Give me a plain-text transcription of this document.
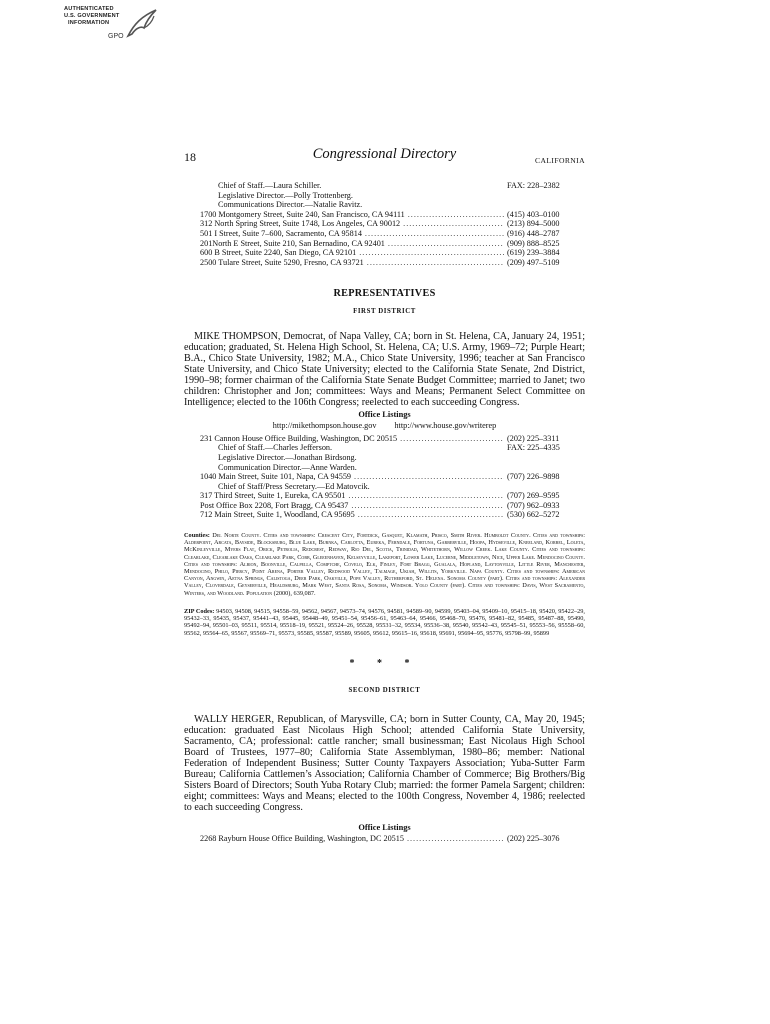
AUTHENTICATED
U.S. GOVERNMENT
INFORMATION
GPO
18	Congressional Directory	CALIFORNIA
Chief of Staff.—Laura Schiller.	FAX: 228–2382
Legislative Director.—Polly Trottenberg.
Communications Director.—Natalie Ravitz.
1700 Montgomery Street, Suite 240, San Francisco, CA 94111 .....	(415) 403–0100
312 North Spring Street, Suite 1748, Los Angeles, CA 90012 .....	(213) 894–5000
501 I Street, Suite 7–600, Sacramento, CA 95814 .....	(916) 448–2787
201North E Street, Suite 210, San Bernadino, CA 92401 .....	(909) 888–8525
600 B Street, Suite 2240, San Diego, CA 92101 .....	(619) 239–3884
2500 Tulare Street, Suite 5290, Fresno, CA 93721 .....	(209) 497–5109
REPRESENTATIVES
FIRST DISTRICT

MIKE THOMPSON, Democrat, of Napa Valley, CA; born in St. Helena, CA, January 24, 1951; education; graduated, St. Helena High School, St. Helena, CA; U.S. Army, 1969–72; Purple Heart; B.A., Chico State University, 1982; M.A., Chico State University, 1996; teacher at San Francisco State University, and Chico State University; elected to the California State Senate, 2nd District, 1990–98; former chairman of the California State Senate Budget Committee; married to Janet; two children: Christopher and Jon; committees: Ways and Means; Permanent Select Committee on Intelligence; elected to the 106th Congress; reelected to each succeeding Congress.

Office Listings
http://mikethompson.house.gov http://www.house.gov/writerep
231 Cannon House Office Building, Washington, DC 20515 .....	(202) 225–3311
Chief of Staff.—Charles Jefferson.	FAX: 225–4335
Legislative Director.—Jonathan Birdsong.
Communication Director.—Anne Warden.
1040 Main Street, Suite 101, Napa, CA 94559 .....	(707) 226–9898
Chief of Staff/Press Secretary.—Ed Matovcik.
317 Third Street, Suite 1, Eureka, CA 95501 .....	(707) 269–9595
Post Office Box 2208, Fort Bragg, CA 95437 .....	(707) 962–0933
712 Main Street, Suite 1, Woodland, CA 95695 .....	(530) 662–5272
Counties: Del Norte County. Cities and townships: Crescent City, Fortdick, Gasquet, Klamath, Prisco, Smith River. Humboldt County. Cities and townships: Alderpoint, Arcata, Bayside, Blocksburg, Blue Lake, Burnka, Carlotta, Eureka, Ferndale, Fortuna, Garberville, Hoopa, Hydseville, Kneeland, Korbel, Loleta, McKinleyville, Myers Flat, Orick, Petrolia, Redcrest, Redway, Rio Del, Scotia, Trinidad, Whitethorn, Willow Creek. Lake County. Cities and townships: Clearlake, Clearlake Oaks, Clearlake Park, Cobb, Gleeenhaven, Kelseyville, Lakeport, Lower Lake, Lucerne, Middletown, Nice, Upper Lake. Mendocino County. Cities and townships: Albion, Boonville, Calpella, Comptche, Covelo, Elk, Finley, Fort Bragg, Gualala, Hopland, Laytonville, Little River, Manchester, Mendocino, Philo, Piercy, Point Arena, Porter Valley, Redwood Valley, Talmage, Ukiah, Willits, Yorkville. Napa County. Cities and townships: American Canyon, Angwin, Aetna Springs, Calistoga, Deer Park, Oakville, Pope Valley, Rutherford, St. Helena. Sonoma County (part). Cities and townships: Alexander Valley, Cloverdale, Geyserville, Healdsburg, Mark West, Santa Rosa, Sonoma, Windsor. Yolo County (part). Cities and townships: Davis, West Sacramento, Winters, and Woodland. Population (2000), 639,087.
ZIP Codes: 94503, 94508, 94515, 94558–59, 94562, 94567, 94573–74, 94576, 94581, 94589–90, 94599, 95403–04, 95409–10, 95415–18, 95420, 95422–29, 95432–33, 95435, 95437, 95441–43, 95445, 95448–49, 95451–54, 95456–61, 95463–64, 95466, 95468–70, 95476, 95481–82, 95485, 95487–88, 95490, 95492–94, 95501–03, 95511, 95514, 95518–19, 95521, 95524–26, 95528, 95531–32, 95534, 95536–38, 95540, 95542–43, 95545–51, 95553–56, 95558–60, 95562, 95564–65, 95567, 95569–71, 95573, 95585, 95587, 95589, 95605, 95612, 95615–16, 95618, 95691, 95694–95, 95776, 95798–99, 95899
* * *
SECOND DISTRICT

WALLY HERGER, Republican, of Marysville, CA; born in Sutter County, CA, May 20, 1945; education: graduated East Nicolaus High School; attended California State University, Sacramento, CA; professional: cattle rancher; small businessman; East Nicolaus High School Board of Trustees, 1977–80; California State Assemblyman, 1980–86; member: National Federation of Independent Business; Sutter County Taxpayers Association; Yuba-Sutter Farm Bureau; California Cattlemen’s Association; California Chamber of Commerce; Big Brothers/Big Sisters Board of Directors; South Yuba Rotary Club; married: the former Pamela Sargent; children: eight; committees: Ways and Means; elected to the 100th Congress, November 4, 1986; reelected to each succeeding Congress.

Office Listings
2268 Rayburn House Office Building, Washington, DC 20515 .....	(202) 225–3076
